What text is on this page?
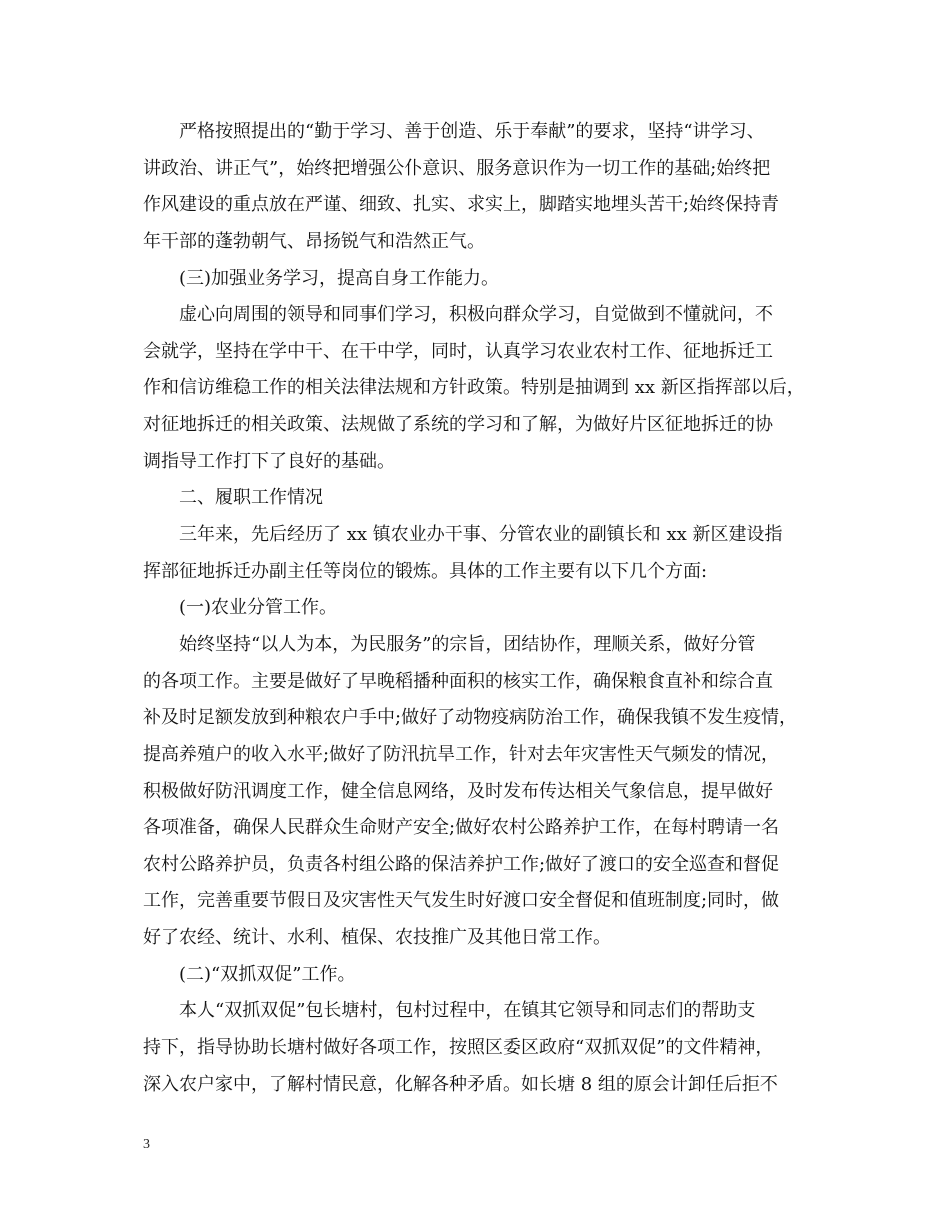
严格按照提出的“勤于学习、善于创造、乐于奉献”的要求，坚持“讲学习、
讲政治、讲正气”，始终把增强公仆意识、服务意识作为一切工作的基础;始终把
作风建设的重点放在严谨、细致、扎实、求实上，脚踏实地埋头苦干;始终保持青
年干部的蓬勃朝气、昂扬锐气和浩然正气。
(三)加强业务学习，提高自身工作能力。
虚心向周围的领导和同事们学习，积极向群众学习，自觉做到不懂就问，不
会就学，坚持在学中干、在干中学，同时，认真学习农业农村工作、征地拆迁工
作和信访维稳工作的相关法律法规和方针政策。特别是抽调到 xx 新区指挥部以后，
对征地拆迁的相关政策、法规做了系统的学习和了解，为做好片区征地拆迁的协
调指导工作打下了良好的基础。
二、履职工作情况
三年来，先后经历了 xx 镇农业办干事、分管农业的副镇长和 xx 新区建设指
挥部征地拆迁办副主任等岗位的锻炼。具体的工作主要有以下几个方面:
(一)农业分管工作。
始终坚持“以人为本，为民服务”的宗旨，团结协作，理顺关系，做好分管
的各项工作。主要是做好了早晚稻播种面积的核实工作，确保粮食直补和综合直
补及时足额发放到种粮农户手中;做好了动物疫病防治工作，确保我镇不发生疫情，
提高养殖户的收入水平;做好了防汛抗旱工作，针对去年灾害性天气频发的情况，
积极做好防汛调度工作，健全信息网络，及时发布传达相关气象信息，提早做好
各项准备，确保人民群众生命财产安全;做好农村公路养护工作，在每村聘请一名
农村公路养护员，负责各村组公路的保洁养护工作;做好了渡口的安全巡查和督促
工作，完善重要节假日及灾害性天气发生时好渡口安全督促和值班制度;同时，做
好了农经、统计、水利、植保、农技推广及其他日常工作。
(二)“双抓双促”工作。
本人“双抓双促”包长塘村，包村过程中，在镇其它领导和同志们的帮助支
持下，指导协助长塘村做好各项工作，按照区委区政府“双抓双促”的文件精神，
深入农户家中，了解村情民意，化解各种矛盾。如长塘 8 组的原会计卸任后拒不
3
